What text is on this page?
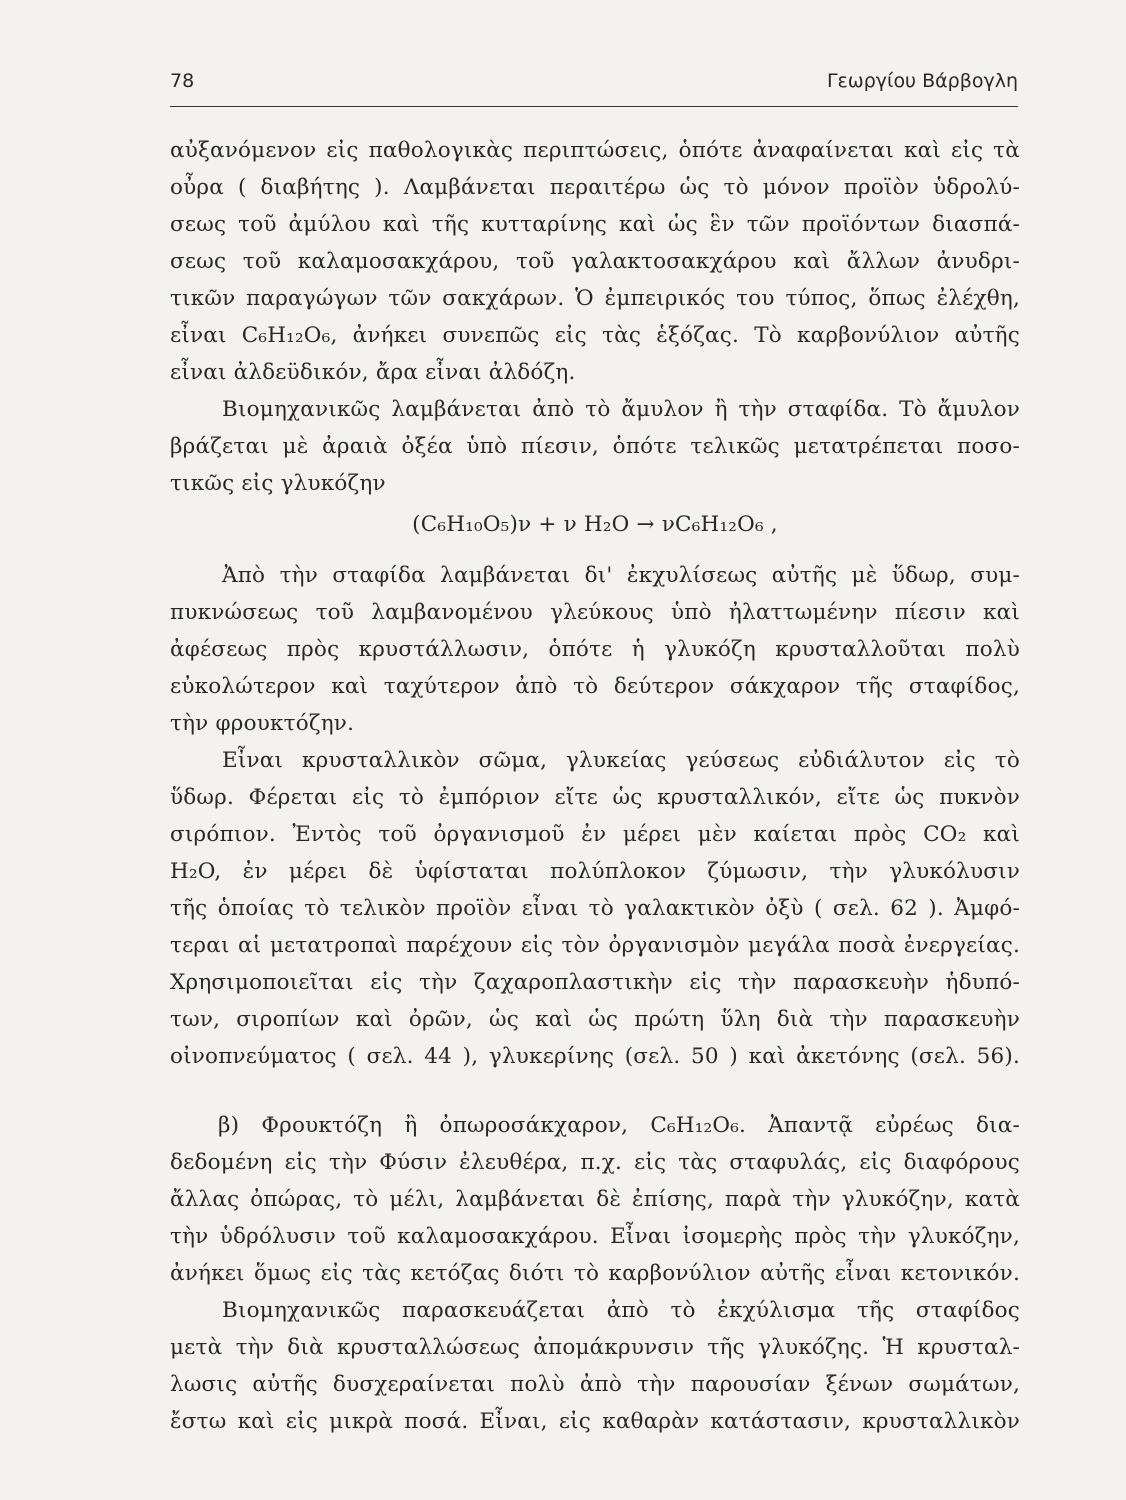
78	Γεωργίου Βάρβογλη
αὐξανόμενον εἰς παθολογικὰς περιπτώσεις, ὁπότε ἀναφαίνεται καὶ εἰς τὰ
οὖρα ( διαβήτης ). Λαμβάνεται περαιτέρω ὡς τὸ μόνον προϊὸν ὑδρολύ-
σεως τοῦ ἀμύλου καὶ τῆς κυτταρίνης καὶ ὡς ἓν τῶν προϊόντων διασπά-
σεως τοῦ καλαμοσακχάρου, τοῦ γαλακτοσακχάρου καὶ ἄλλων ἀνυδρι-
τικῶν παραγώγων τῶν σακχάρων. Ὁ ἐμπειρικός του τύπος, ὅπως ἐλέχθη,
εἶναι C₆H₁₂O₆, ἀνήκει συνεπῶς εἰς τὰς ἑξόζας. Τὸ καρβονύλιον αὐτῆς
εἶναι ἀλδεϋδικόν, ἄρα εἶναι ἀλδόζη.
Βιομηχανικῶς λαμβάνεται ἀπὸ τὸ ἄμυλον ἢ τὴν σταφίδα. Τὸ ἄμυλον
βράζεται μὲ ἀραιὰ ὀξέα ὑπὸ πίεσιν, ὁπότε τελικῶς μετατρέπεται ποσο-
τικῶς εἰς γλυκόζην
(C₆H₁₀O₅)ν + ν H₂O → νC₆H₁₂O₆ ,
Ἀπὸ τὴν σταφίδα λαμβάνεται δι' ἐκχυλίσεως αὐτῆς μὲ ὕδωρ, συμ-
πυκνώσεως τοῦ λαμβανομένου γλεύκους ὑπὸ ἠλαττωμένην πίεσιν καὶ
ἀφέσεως πρὸς κρυστάλλωσιν, ὁπότε ἡ γλυκόζη κρυσταλλοῦται πολὺ
εὐκολώτερον καὶ ταχύτερον ἀπὸ τὸ δεύτερον σάκχαρον τῆς σταφίδος,
τὴν φρουκτόζην.
Εἶναι κρυσταλλικὸν σῶμα, γλυκείας γεύσεως εὐδιάλυτον εἰς τὸ
ὕδωρ. Φέρεται εἰς τὸ ἐμπόριον εἴτε ὡς κρυσταλλικόν, εἴτε ὡς πυκνὸν
σιρόπιον. Ἐντὸς τοῦ ὀργανισμοῦ ἐν μέρει μὲν καίεται πρὸς CO₂ καὶ
H₂O, ἐν μέρει δὲ ὑφίσταται πολύπλοκον ζύμωσιν, τὴν γλυκόλυσιν
τῆς ὁποίας τὸ τελικὸν προϊὸν εἶναι τὸ γαλακτικὸν ὀξὺ ( σελ. 62 ). Ἀμφό-
τεραι αἱ μετατροπαὶ παρέχουν εἰς τὸν ὀργανισμὸν μεγάλα ποσὰ ἐνεργείας.
Χρησιμοποιεῖται εἰς τὴν ζαχαροπλαστικὴν εἰς τὴν παρασκευὴν ἡδυπό-
των, σιροπίων καὶ ὀρῶν, ὡς καὶ ὡς πρώτη ὕλη διὰ τὴν παρασκευὴν
οἰνοπνεύματος ( σελ. 44 ), γλυκερίνης (σελ. 50 ) καὶ ἀκετόνης (σελ. 56).
β) Φρουκτόζη ἢ ὀπωροσάκχαρον, C₆H₁₂O₆. Ἀπαντᾷ εὐρέως δια-
δεδομένη εἰς τὴν Φύσιν ἐλευθέρα, π.χ. εἰς τὰς σταφυλάς, εἰς διαφόρους
ἄλλας ὀπώρας, τὸ μέλι, λαμβάνεται δὲ ἐπίσης, παρὰ τὴν γλυκόζην, κατὰ
τὴν ὑδρόλυσιν τοῦ καλαμοσακχάρου. Εἶναι ἰσομερὴς πρὸς τὴν γλυκόζην,
ἀνήκει ὅμως εἰς τὰς κετόζας διότι τὸ καρβονύλιον αὐτῆς εἶναι κετονικόν.
Βιομηχανικῶς παρασκευάζεται ἀπὸ τὸ ἐκχύλισμα τῆς σταφίδος
μετὰ τὴν διὰ κρυσταλλώσεως ἀπομάκρυνσιν τῆς γλυκόζης. Ἡ κρυσταλ-
λωσις αὐτῆς δυσχεραίνεται πολὺ ἀπὸ τὴν παρουσίαν ξένων σωμάτων,
ἔστω καὶ εἰς μικρὰ ποσά. Εἶναι, εἰς καθαρὰν κατάστασιν, κρυσταλλικὸν
